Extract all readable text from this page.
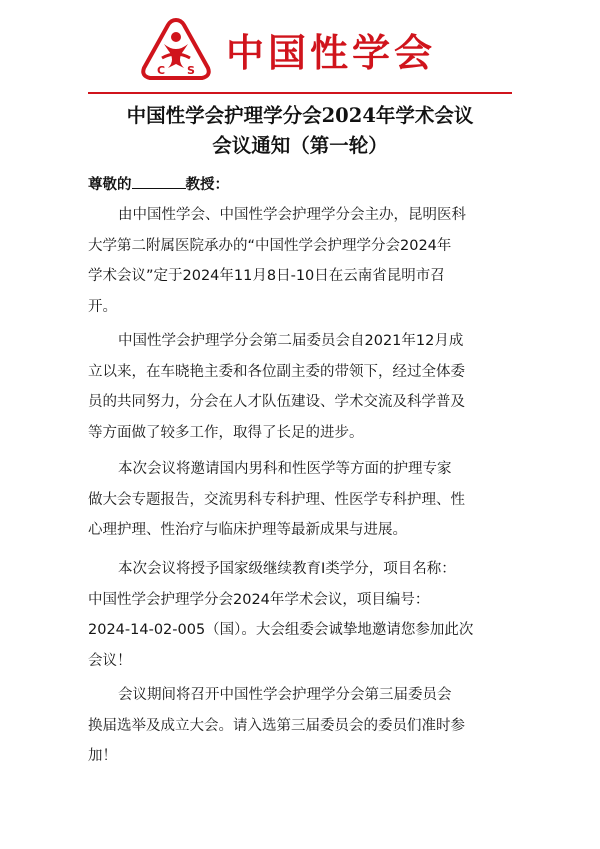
C S 中国性学会
中国性学会护理学分会2024年学术会议
会议通知（第一轮）

尊敬的	教授：

由中国性学会、中国性学会护理学分会主办，昆明医科
大学第二附属医院承办的“中国性学会护理学分会2024年
学术会议”定于2024年11月8日-10日在云南省昆明市召
开。
中国性学会护理学分会第二届委员会自2021年12月成
立以来，在车晓艳主委和各位副主委的带领下，经过全体委
员的共同努力，分会在人才队伍建设、学术交流及科学普及
等方面做了较多工作，取得了长足的进步。
本次会议将邀请国内男科和性医学等方面的护理专家
做大会专题报告，交流男科专科护理、性医学专科护理、性
心理护理、性治疗与临床护理等最新成果与进展。
本次会议将授予国家级继续教育Ⅰ类学分，项目名称：
中国性学会护理学分会2024年学术会议，项目编号：
2024-14-02-005（国）。大会组委会诚挚地邀请您参加此次
会议！
会议期间将召开中国性学会护理学分会第三届委员会
换届选举及成立大会。请入选第三届委员会的委员们准时参
加！
